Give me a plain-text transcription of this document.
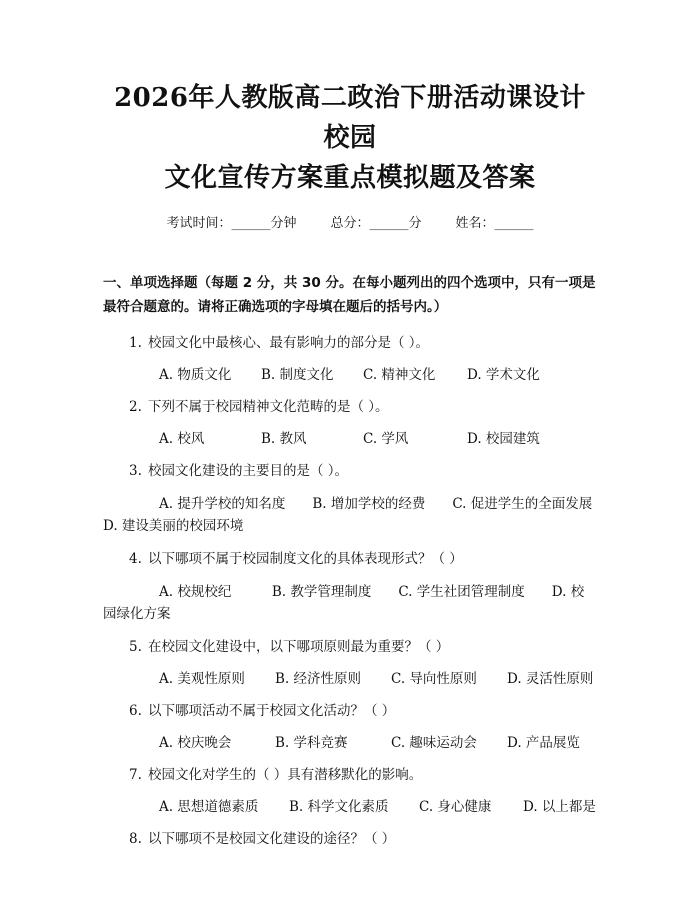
2026年人教版高二政治下册活动课设计校园
文化宣传方案重点模拟题及答案
考试时间：______分钟	总分：______分	姓名：______
一、单项选择题（每题 2 分，共 30 分。在每小题列出的四个选项中，只有一项是最符合题意的。请将正确选项的字母填在题后的括号内。）
1. 校园文化中最核心、最有影响力的部分是（ ）。
A. 物质文化	B. 制度文化	C. 精神文化	D. 学术文化
2. 下列不属于校园精神文化范畴的是（ ）。
A. 校风	B. 教风	C. 学风	D. 校园建筑
3. 校园文化建设的主要目的是（ ）。
A. 提升学校的知名度　　B. 增加学校的经费　　C. 促进学生的全面发展　　D. 建设美丽的校园环境
4. 以下哪项不属于校园制度文化的具体表现形式？（ ）
A. 校规校纪　　　B. 教学管理制度　　C. 学生社团管理制度　　D. 校园绿化方案
5. 在校园文化建设中，以下哪项原则最为重要？（ ）
A. 美观性原则	B. 经济性原则	C. 导向性原则	D. 灵活性原则
6. 以下哪项活动不属于校园文化活动？（ ）
A. 校庆晚会	B. 学科竞赛	C. 趣味运动会	D. 产品展览
7. 校园文化对学生的（ ）具有潜移默化的影响。
A. 思想道德素质	B. 科学文化素质	C. 身心健康	D. 以上都是
8. 以下哪项不是校园文化建设的途径？（ ）
